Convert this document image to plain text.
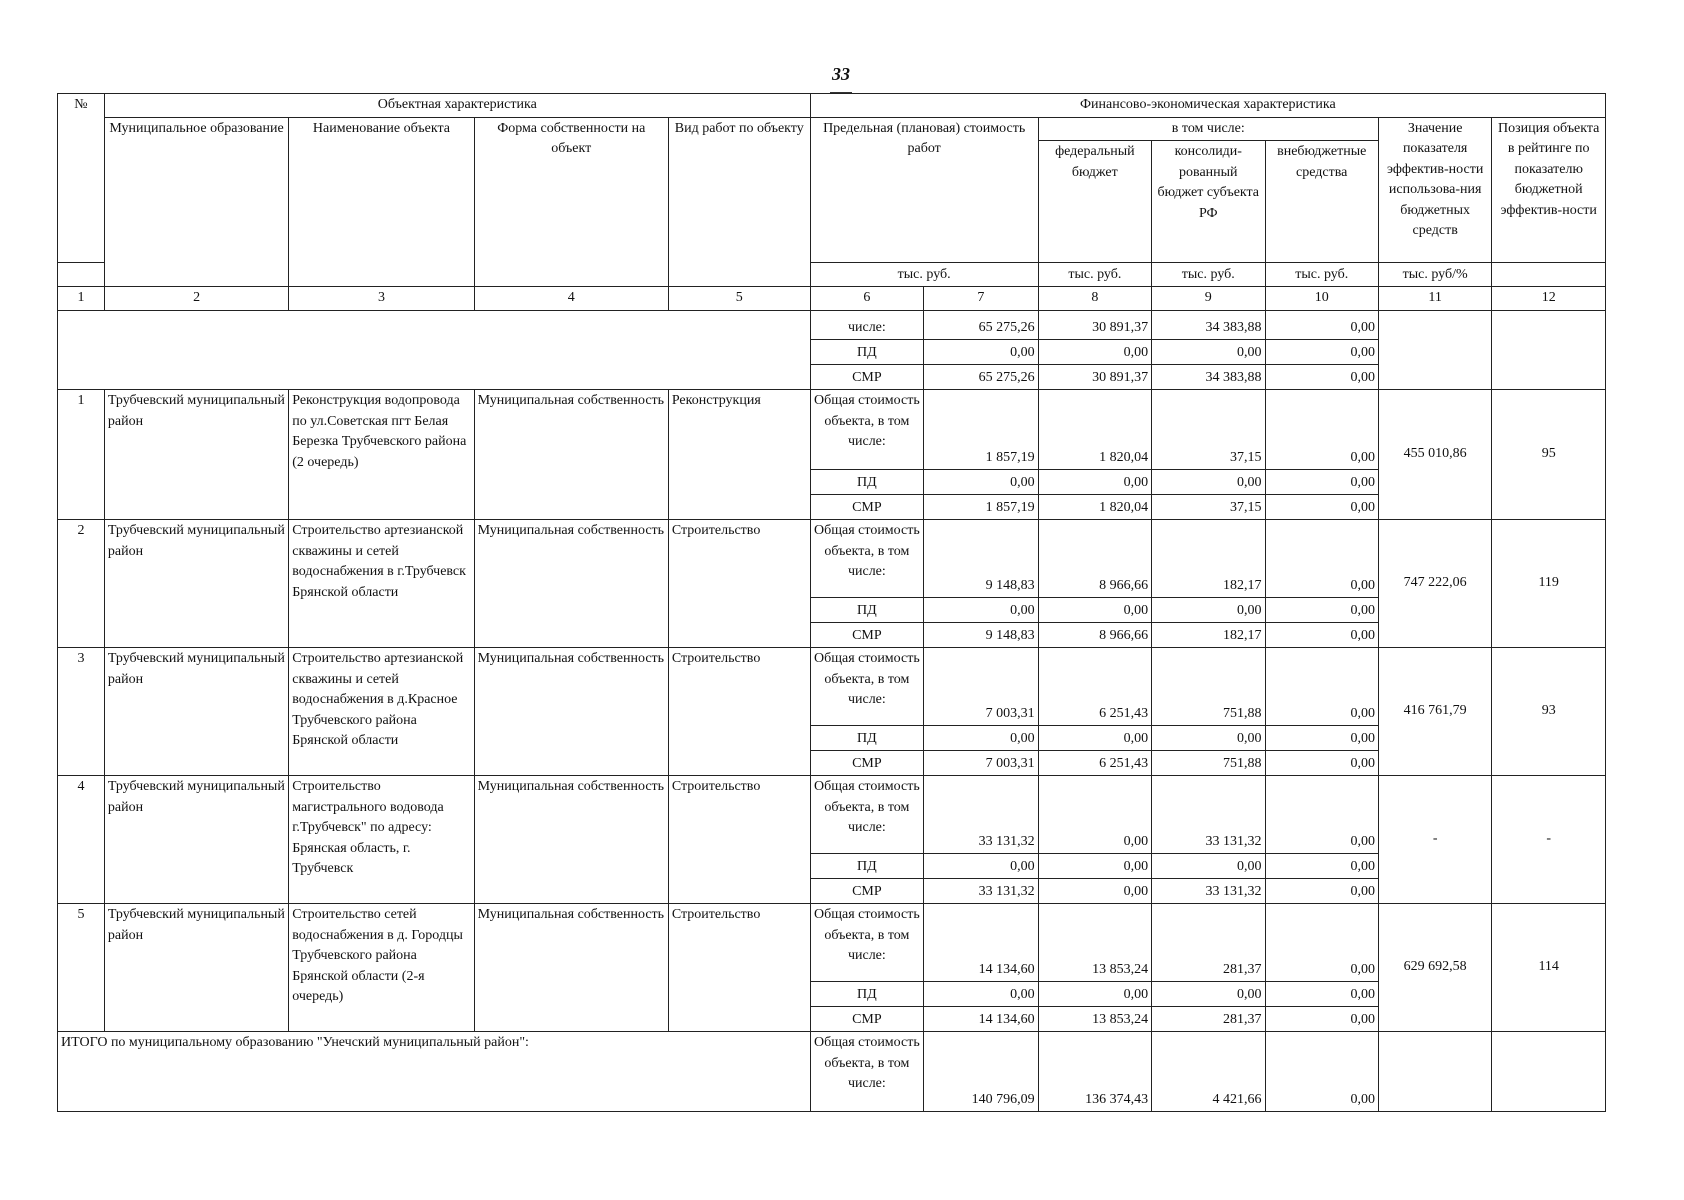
33
№	Объектная характеристика				Финансово-экономическая характеристика						
	Муниципальное образование	Наименование объекта	Форма собственности на объект	Вид работ по объекту	Предельная (плановая) стоимость работ		в том числе:			Значение показателя эффектив-ности использова-ния бюджетных средств	Позиция объекта в рейтинге по показателю бюджетной эффектив-ности
							федеральный бюджет	консолиди-рованный бюджет субъекта РФ	внебюджетные средства		
					тыс. руб.		тыс. руб.	тыс. руб.	тыс. руб.	тыс. руб/%	
1	2	3	4	5	6	7	8	9	10	11	12
					числе:	65 275,26	30 891,37	34 383,88	0,00		
					ПД	0,00	0,00	0,00	0,00		
					СМР	65 275,26	30 891,37	34 383,88	0,00		
1	Трубчевский муниципальный район	Реконструкция водопровода по ул.Советская пгт Белая Березка Трубчевского района (2 очередь)	Муниципальная собственность	Реконструкция	Общая стоимость объекта, в том числе:	1 857,19	1 820,04	37,15	0,00	455 010,86	95
					ПД	0,00	0,00	0,00	0,00		
					СМР	1 857,19	1 820,04	37,15	0,00		
2	Трубчевский муниципальный район	Строительство артезианской скважины и сетей водоснабжения в г.Трубчевск Брянской области	Муниципальная собственность	Строительство	Общая стоимость объекта, в том числе:	9 148,83	8 966,66	182,17	0,00	747 222,06	119
					ПД	0,00	0,00	0,00	0,00		
					СМР	9 148,83	8 966,66	182,17	0,00		
3	Трубчевский муниципальный район	Строительство артезианской скважины и сетей водоснабжения в д.Красное Трубчевского района Брянской области	Муниципальная собственность	Строительство	Общая стоимость объекта, в том числе:	7 003,31	6 251,43	751,88	0,00	416 761,79	93
					ПД	0,00	0,00	0,00	0,00		
					СМР	7 003,31	6 251,43	751,88	0,00		
4	Трубчевский муниципальный район	Строительство магистрального водовода г.Трубчевск" по адресу: Брянская область, г. Трубчевск	Муниципальная собственность	Строительство	Общая стоимость объекта, в том числе:	33 131,32	0,00	33 131,32	0,00	-	-
					ПД	0,00	0,00	0,00	0,00		
					СМР	33 131,32	0,00	33 131,32	0,00		
5	Трубчевский муниципальный район	Строительство сетей водоснабжения в д. Городцы Трубчевского района Брянской области (2-я очередь)	Муниципальная собственность	Строительство	Общая стоимость объекта, в том числе:	14 134,60	13 853,24	281,37	0,00	629 692,58	114
					ПД	0,00	0,00	0,00	0,00		
					СМР	14 134,60	13 853,24	281,37	0,00		
ИТОГО по муниципальному образованию "Унечский муниципальный район":					Общая стоимость объекта, в том числе:	140 796,09	136 374,43	4 421,66	0,00		
